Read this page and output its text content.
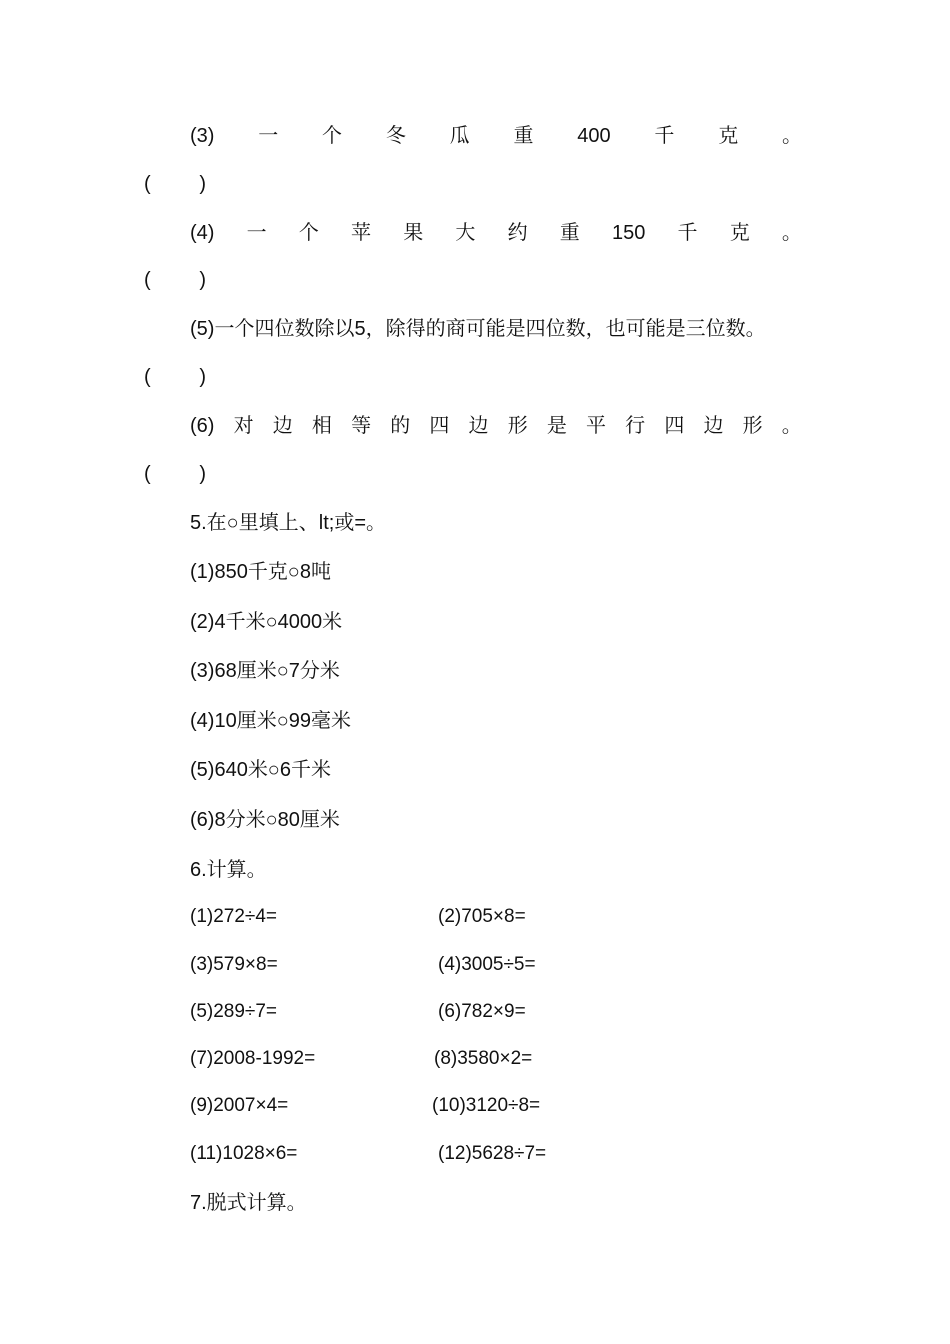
(3) 一 个 冬 瓜 重 400 千 克 。
( )
(4) 一 个 苹 果 大 约 重 150 千 克 。
( )
(5)一个四位数除以5，除得的商可能是四位数，也可能是三位数。
( )
(6) 对 边 相 等 的 四 边 形 是 平 行 四 边 形 。
( )
5.在○里填上、lt;或=。
(1)850千克○8吨
(2)4千米○4000米
(3)68厘米○7分米
(4)10厘米○99毫米
(5)640米○6千米
(6)8分米○80厘米
6.计算。
(1)272÷4=	(2)705×8=
(3)579×8=	(4)3005÷5=
(5)289÷7=	(6)782×9=
(7)2008-1992=	(8)3580×2=
(9)2007×4=	(10)3120÷8=
(11)1028×6=	(12)5628÷7=
7.脱式计算。
